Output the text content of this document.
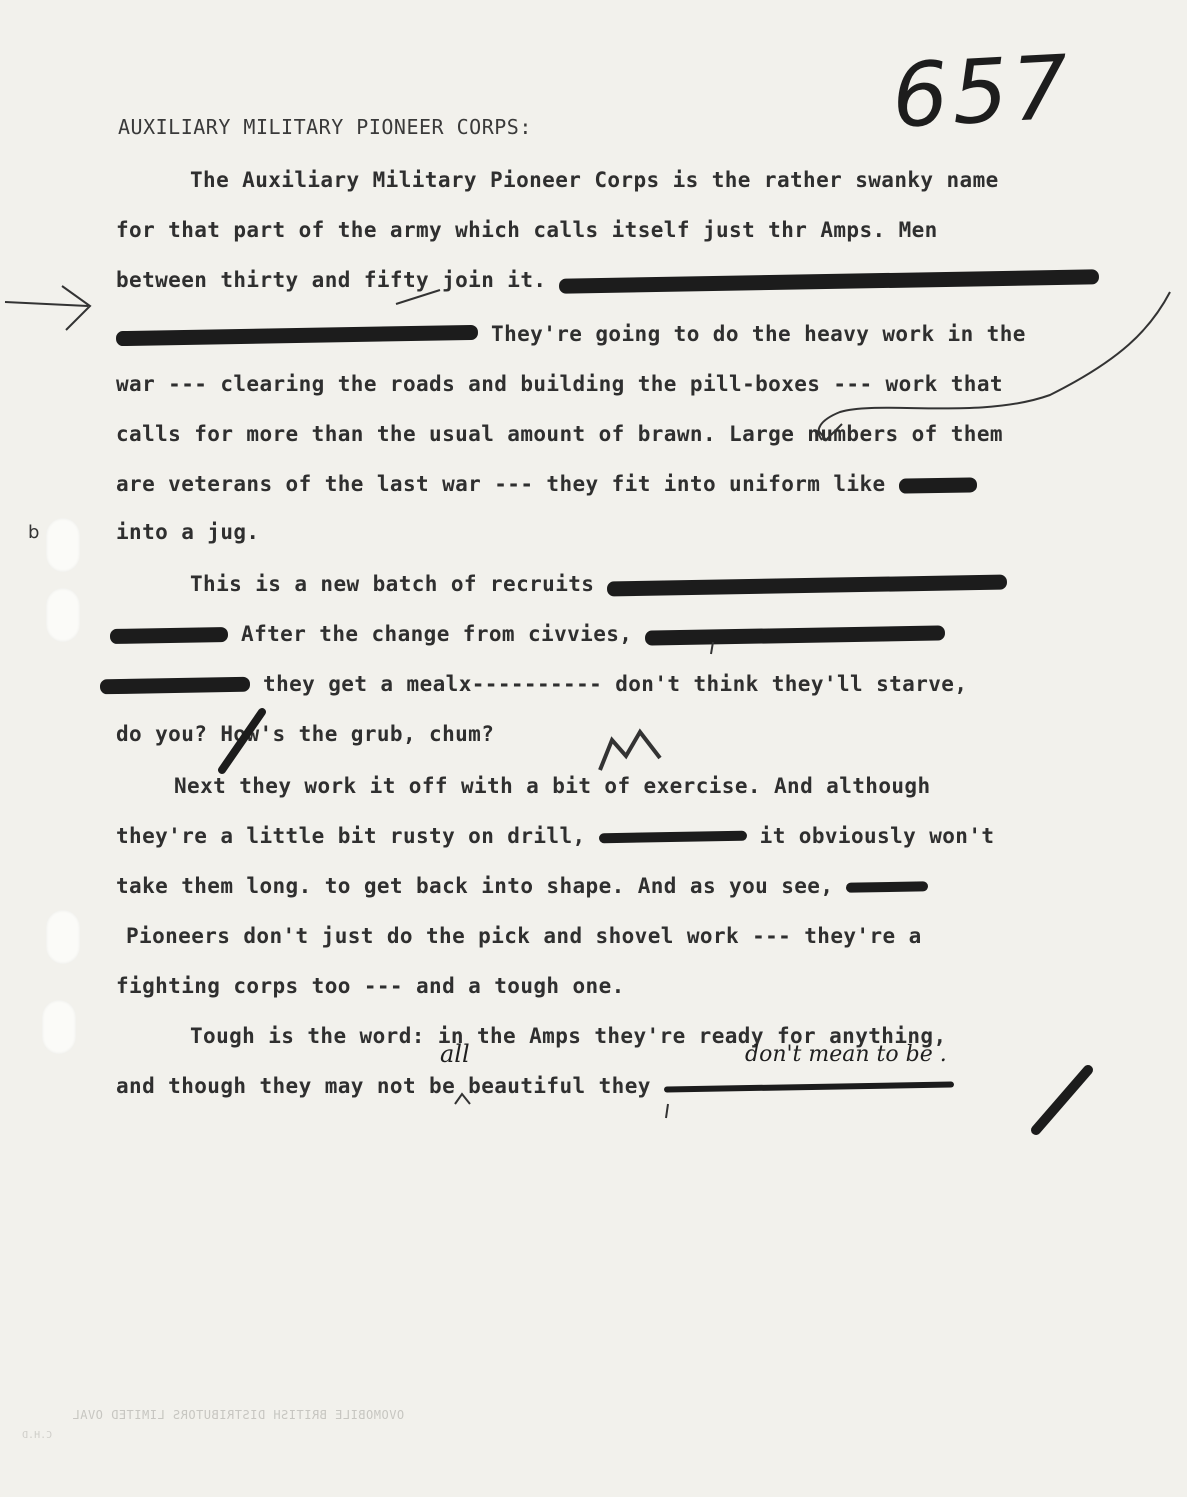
657
AUXILIARY MILITARY PIONEER CORPS:
The Auxiliary Military Pioneer Corps is the rather swanky name
for that part of the army which calls itself just thr Amps. Men
between thirty and fifty join it.
They're going to do the heavy work in the
war --- clearing the roads and building the pill-boxes --- work that
calls for more than the usual amount of brawn. Large numbers of them
are veterans of the last war --- they fit into uniform like
into a jug.
This is a new batch of recruits
After the change from civvies,
they get a mealx---------- don't think they'll starve,
do you? How's the grub, chum?
Next they work it off with a bit of exercise. And although
they're a little bit rusty on drill,	it obviously won't
take them long. to get back into shape. And as you see,
Pioneers don't just do the pick and shovel work --- they're a
fighting corps too --- and a tough one.
Tough is the word: in the Amps they're ready for anything,
and though they may not be beautiful they
all	don't mean to be .
b
OVOMOBILE BRITISH DISTRIBUTORS LIMITED OVAL
C.H.D
